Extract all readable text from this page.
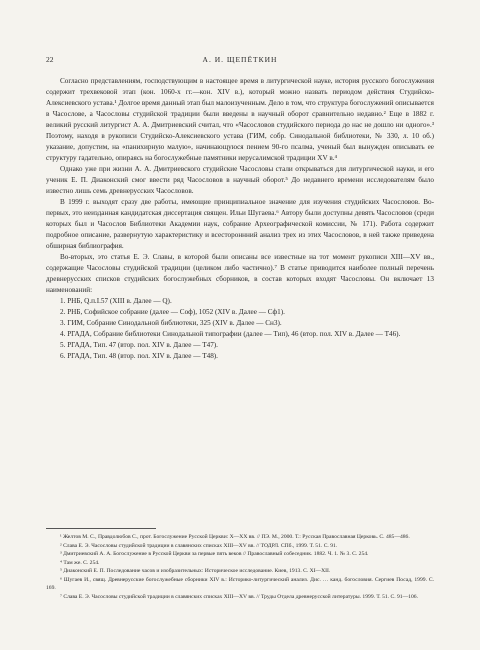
22	А. И. ЩЕПЁТКИН

Согласно представлениям, господствующим в настоящее время в литургической науке, история русского богослужения содержит трехвековой этап (кон. 1060-х гг.—кон. XIV в.), который можно назвать периодом действия Студийско-Алексиевского устава.¹ Долгое время данный этап был малоизученным. Дело в том, что структура богослужений описывается в Часослове, а Часословы студийской традиции были введены в научный оборот сравнительно недавно.² Еще в 1882 г. великий русский литургист А. А. Дмитриевский считал, что «Часословов студийского периода до нас не дошло ни одного».³ Поэтому, находя в рукописи Студийско-Алексиевского устава (ГИМ, собр. Синодальной библиотеки, № 330, л. 10 об.) указание, допустим, на «панихирную малую», начинающуюся пением 90-го псалма, ученый был вынужден описывать ее структуру гадательно, опираясь на богослужебные памятники иерусалимской традиции XV в.⁴

Однако уже при жизни А. А. Дмитриевского студийские Часословы стали открываться для литургической науки, и его ученик Е. П. Диаконский смог ввести ряд Часословов в научный оборот.⁵ До недавнего времени исследователям было известно лишь семь древнерусских Часословов.

В 1999 г. выходят сразу две работы, имеющие принципиальное значение для изучения студийских Часословов. Во-первых, это неизданная кандидатская диссертация священ. Ильи Шугаева.⁶ Автору были доступны девять Часословов (среди которых был и Часослов Библиотеки Академии наук, собрание Археографической комиссии, № 171). Работа содержит подробное описание, развернутую характеристику и всестороннний анализ трех из этих Часословов, в ней также приведена обширная библиография.

Во-вторых, это статья Е. Э. Славы, в которой были описаны все известные на тот момент рукописи XIII—XV вв., содержащие Часословы студийской традиции (целиком либо частично).⁷ В статье приводится наиболее полный перечень древнерусских списков студийских богослужебных сборников, в состав которых входят Часословы. Он включает 13 наименований:

1. РНБ, Q.п.I.57 (XIII в. Далее — Q).
2. РНБ, Софийское собрание (далее — Соф), 1052 (XIV в. Далее — Сф1).
3. ГИМ, Собрание Синодальной библиотеки, 325 (XIV в. Далее — Сн3).
4. РГАДА, Собрание библиотеки Синодальной типографии (далее — Тип), 46 (втор. пол. XIV в. Далее — Т46).
5. РГАДА, Тип. 47 (втор. пол. XIV в. Далее — Т47).
6. РГАДА, Тип. 48 (втор. пол. XIV в. Далее — Т48).

¹ Желтов М. С., Правдолюбов С., прот. Богослужение Русской Церкви: X—XX вв. // ПЭ. М., 2000. Т.: Русская Православная Церковь. С. 485—486.

² Слава Е. Э. Часословы студийской традиции в славянских списках XIII—XV вв. // ТОДРЛ. СПб., 1999. Т. 51. С. 91.

³ Дмитриевский А. А. Богослужение в Русской Церкви за первые пять веков // Православный собеседник. 1882. Ч. 1. № 3. С. 254.

⁴ Там же. С. 254.

⁵ Диаконский Е. П. Последование часов и изобразительных: Историческое исследование. Киев, 1913. С. XI—XII.

⁶ Шугаев И., свящ. Древнерусские богослужебные сборники XIV в.: Историко-литургический анализ. Дис. … канд. богословия. Сергиев Посад, 1999. С. 169.

⁷ Слава Е. Э. Часословы студийской традиции в славянских списках XIII—XV вв. // Труды Отдела древнерусской литературы. 1999. Т. 51. С. 91—106.
